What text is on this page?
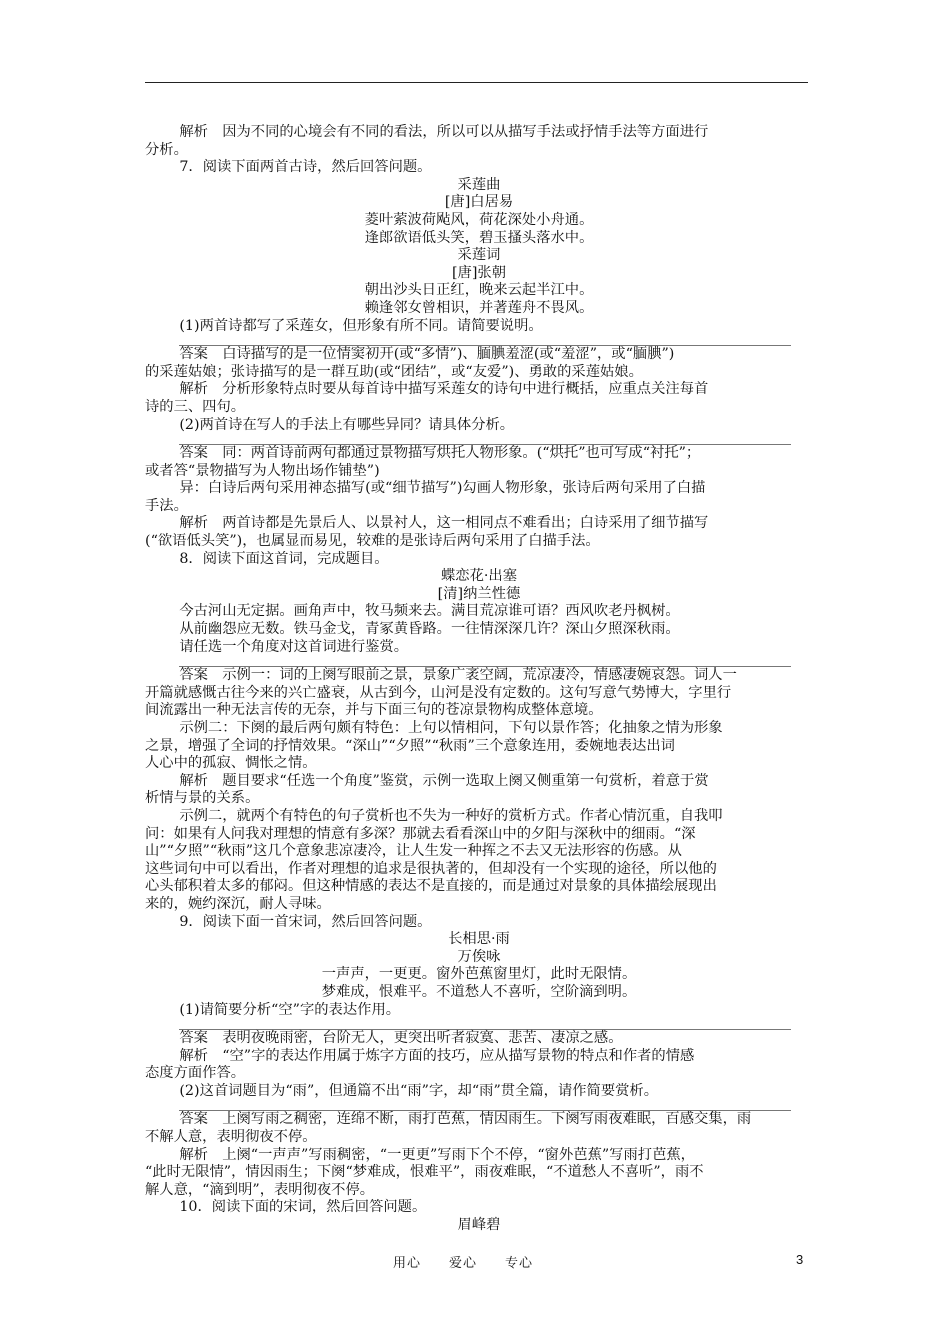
解析　因为不同的心境会有不同的看法，所以可以从描写手法或抒情手法等方面进行

分析。

7．阅读下面两首古诗，然后回答问题。

采莲曲

[唐]白居易

菱叶萦波荷飐风，荷花深处小舟通。

逢郎欲语低头笑，碧玉搔头落水中。

采莲词

[唐]张朝

朝出沙头日正红，晚来云起半江中。

赖逢邻女曾相识，并著莲舟不畏风。

(1)两首诗都写了采莲女，但形象有所不同。请简要说明。

答案　白诗描写的是一位情窦初开(或“多情”)、腼腆羞涩(或“羞涩”，或“腼腆”)

的采莲姑娘；张诗描写的是一群互助(或“团结”，或“友爱”)、勇敢的采莲姑娘。

解析　分析形象特点时要从每首诗中描写采莲女的诗句中进行概括，应重点关注每首

诗的三、四句。

(2)两首诗在写人的手法上有哪些异同？请具体分析。

答案　同：两首诗前两句都通过景物描写烘托人物形象。(“烘托”也可写成“衬托”；

或者答“景物描写为人物出场作铺垫”)

异：白诗后两句采用神态描写(或“细节描写”)勾画人物形象，张诗后两句采用了白描

手法。

解析　两首诗都是先景后人、以景衬人，这一相同点不难看出；白诗采用了细节描写

(“欲语低头笑”)，也属显而易见，较难的是张诗后两句采用了白描手法。

8．阅读下面这首词，完成题目。

蝶恋花·出塞

[清]纳兰性德

今古河山无定据。画角声中，牧马频来去。满目荒凉谁可语？西风吹老丹枫树。

从前幽怨应无数。铁马金戈，青冢黄昏路。一往情深深几许？深山夕照深秋雨。

请任选一个角度对这首词进行鉴赏。

答案　示例一：词的上阕写眼前之景，景象广袤空阔，荒凉凄冷，情感凄婉哀怨。词人一

开篇就感慨古往今来的兴亡盛衰，从古到今，山河是没有定数的。这句写意气势博大，字里行

间流露出一种无法言传的无奈，并与下面三句的苍凉景物构成整体意境。

示例二：下阕的最后两句颇有特色：上句以情相问，下句以景作答；化抽象之情为形象

之景，增强了全词的抒情效果。“深山”“夕照”“秋雨”三个意象连用，委婉地表达出词

人心中的孤寂、惆怅之情。

解析　题目要求“任选一个角度”鉴赏，示例一选取上阕又侧重第一句赏析，着意于赏

析情与景的关系。

示例二，就两个有特色的句子赏析也不失为一种好的赏析方式。作者心情沉重，自我叩

问：如果有人问我对理想的情意有多深？那就去看看深山中的夕阳与深秋中的细雨。“深

山”“夕照”“秋雨”这几个意象悲凉凄冷，让人生发一种挥之不去又无法形容的伤感。从

这些词句中可以看出，作者对理想的追求是很执著的，但却没有一个实现的途径，所以他的

心头郁积着太多的郁闷。但这种情感的表达不是直接的，而是通过对景象的具体描绘展现出

来的，婉约深沉，耐人寻味。

9．阅读下面一首宋词，然后回答问题。

长相思·雨

万俟咏

一声声，一更更。窗外芭蕉窗里灯，此时无限情。

梦难成，恨难平。不道愁人不喜听，空阶滴到明。

(1)请简要分析“空”字的表达作用。

答案　表明夜晚雨密，台阶无人，更突出听者寂寞、悲苦、凄凉之感。

解析　“空”字的表达作用属于炼字方面的技巧，应从描写景物的特点和作者的情感

态度方面作答。

(2)这首词题目为“雨”，但通篇不出“雨”字，却“雨”贯全篇，请作简要赏析。

答案　上阕写雨之稠密，连绵不断，雨打芭蕉，情因雨生。下阕写雨夜难眠，百感交集，雨

不解人意，表明彻夜不停。

解析　上阕“一声声”写雨稠密，“一更更”写雨下个不停，“窗外芭蕉”写雨打芭蕉，

“此时无限情”，情因雨生；下阕“梦难成，恨难平”，雨夜难眠，“不道愁人不喜听”，雨不

解人意，“滴到明”，表明彻夜不停。

10．阅读下面的宋词，然后回答问题。

眉峰碧

用心　　爱心　　专心	3
